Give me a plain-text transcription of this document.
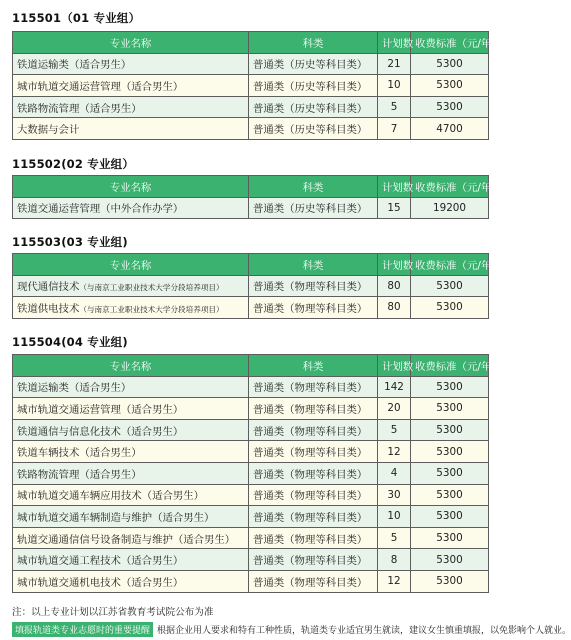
115501（01 专业组）
专业名称	科类	计划数	收费标准（元/年）
铁道运输类（适合男生）	普通类（历史等科目类）	21	5300
城市轨道交通运营管理（适合男生）	普通类（历史等科目类）	10	5300
铁路物流管理（适合男生）	普通类（历史等科目类）	5	5300
大数据与会计	普通类（历史等科目类）	7	4700
115502(02 专业组）
专业名称	科类	计划数	收费标准（元/年）
铁道交通运营管理（中外合作办学）	普通类（历史等科目类）	15	19200
115503(03 专业组)
专业名称	科类	计划数	收费标准（元/年）
现代通信技术（与南京工业职业技术大学分段培养项目）	普通类（物理等科目类）	80	5300
铁道供电技术（与南京工业职业技术大学分段培养项目）	普通类（物理等科目类）	80	5300
115504(04 专业组)
专业名称	科类	计划数	收费标准（元/年）
铁道运输类（适合男生）	普通类（物理等科目类）	142	5300
城市轨道交通运营管理（适合男生）	普通类（物理等科目类）	20	5300
铁道通信与信息化技术（适合男生）	普通类（物理等科目类）	5	5300
铁道车辆技术（适合男生）	普通类（物理等科目类）	12	5300
铁路物流管理（适合男生）	普通类（物理等科目类）	4	5300
城市轨道交通车辆应用技术（适合男生）	普通类（物理等科目类）	30	5300
城市轨道交通车辆制造与维护（适合男生）	普通类（物理等科目类）	10	5300
轨道交通通信信号设备制造与维护（适合男生）	普通类（物理等科目类）	5	5300
城市轨道交通工程技术（适合男生）	普通类（物理等科目类）	8	5300
城市轨道交通机电技术（适合男生）	普通类（物理等科目类）	12	5300
注：以上专业计划以江苏省教育考试院公布为准
填报轨道类专业志愿时的重要提醒 根据企业用人要求和特有工种性质，轨道类专业适宜男生就读，建议女生慎重填报，以免影响个人就业。
